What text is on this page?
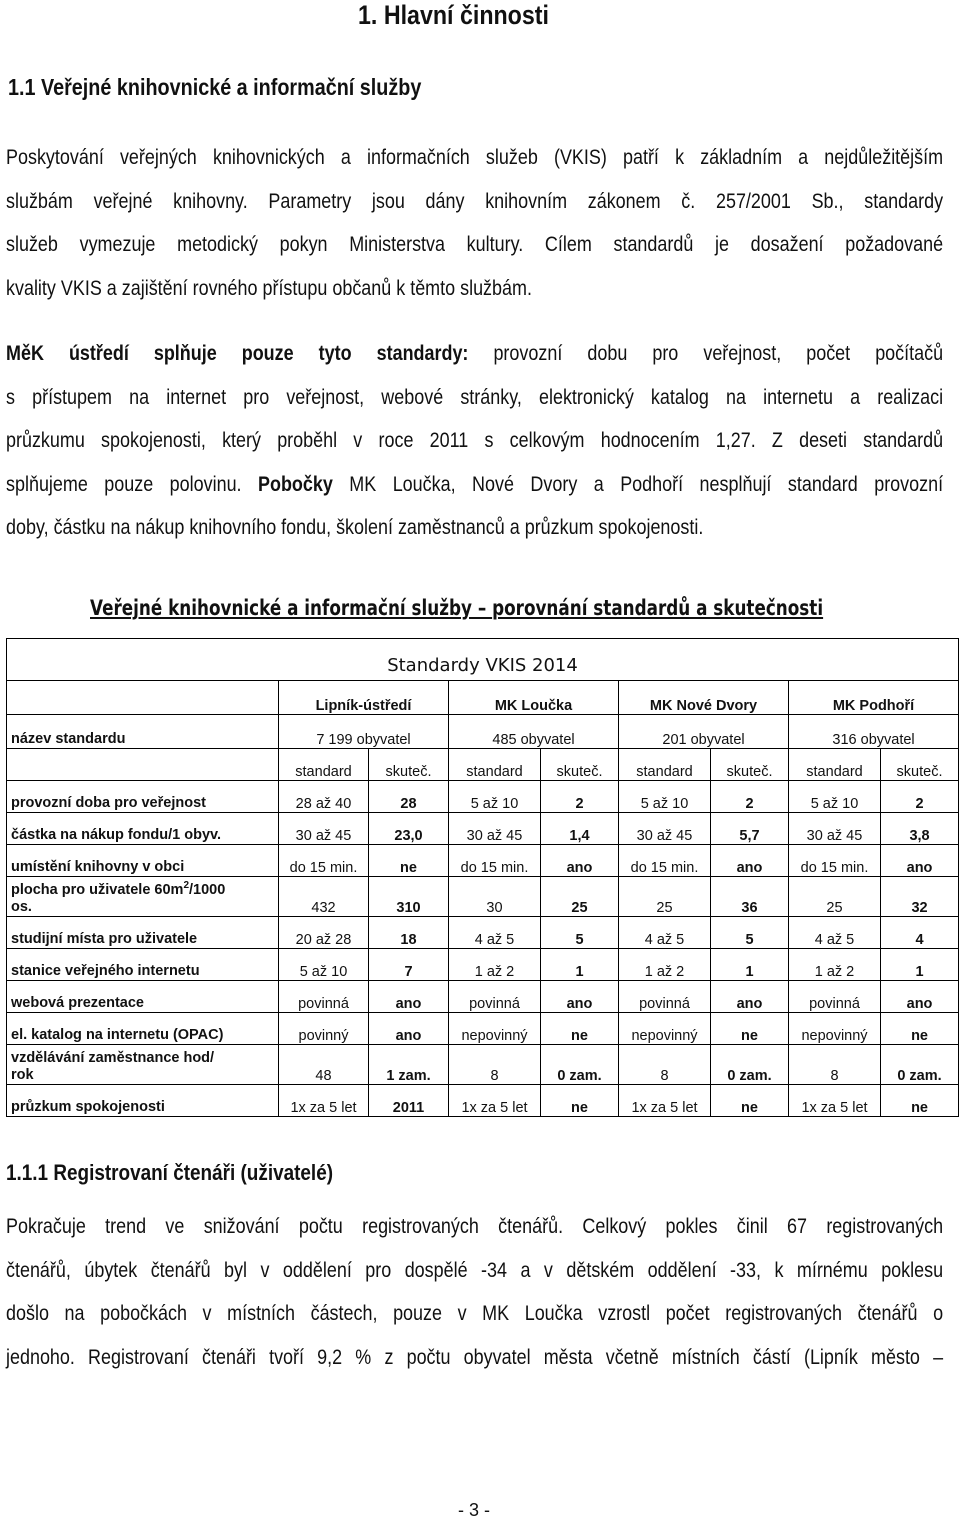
1. Hlavní činnosti
1.1 Veřejné knihovnické a informační služby
Poskytování veřejných knihovnických a informačních služeb (VKIS) patří k základním a nejdůležitějším
službám veřejné knihovny. Parametry jsou dány knihovním zákonem č. 257/2001 Sb., standardy
služeb vymezuje metodický pokyn Ministerstva kultury. Cílem standardů je dosažení požadované
kvality VKIS a zajištění rovného přístupu občanů k těmto službám.
MěK ústředí splňuje pouze tyto standardy: provozní dobu pro veřejnost, počet počítačů
s přístupem na internet pro veřejnost, webové stránky, elektronický katalog na internetu a realizaci
průzkumu spokojenosti, který proběhl v roce 2011 s celkovým hodnocením 1,27. Z deseti standardů
splňujeme pouze polovinu. Pobočky MK Loučka, Nové Dvory a Podhoří nesplňují standard provozní
doby, částku na nákup knihovního fondu, školení zaměstnanců a průzkum spokojenosti.
Veřejné knihovnické a informační služby – porovnání standardů a skutečnosti
Standardy VKIS 2014								
	Lipník-ústředí		MK Loučka		MK Nové Dvory		MK Podhoří	
název standardu	7 199 obyvatel		485 obyvatel		201 obyvatel		316 obyvatel	
	standard	skuteč.	standard	skuteč.	standard	skuteč.	standard	skuteč.
provozní doba pro veřejnost	28 až 40	28	5 až 10	2	5 až 10	2	5 až 10	2
částka na nákup fondu/1 obyv.	30 až 45	23,0	30 až 45	1,4	30 až 45	5,7	30 až 45	3,8
umístění knihovny v obci	do 15 min.	ne	do 15 min.	ano	do 15 min.	ano	do 15 min.	ano
plocha pro uživatele $60m^2/1000$
os.	432	310	30	25	25	36	25	32
studijní místa pro uživatele	20 až 28	18	4 až 5	5	4 až 5	5	4 až 5	4
stanice veřejného internetu	5 až 10	7	1 až 2	1	1 až 2	1	1 až 2	1
webová prezentace	povinná	ano	povinná	ano	povinná	ano	povinná	ano
el. katalog na internetu (OPAC)	povinný	ano	nepovinný	ne	nepovinný	ne	nepovinný	ne
vzdělávání zaměstnance hod/
rok	48	1 zam.	8	0 zam.	8	0 zam.	8	0 zam.
průzkum spokojenosti	1x za 5 let	2011	1x za 5 let	ne	1x za 5 let	ne	1x za 5 let	ne
1.1.1 Registrovaní čtenáři (uživatelé)
Pokračuje trend ve snižování počtu registrovaných čtenářů. Celkový pokles činil 67 registrovaných
čtenářů, úbytek čtenářů byl v oddělení pro dospělé -34 a v dětském oddělení -33, k mírnému poklesu
došlo na pobočkách v místních částech, pouze v MK Loučka vzrostl počet registrovaných čtenářů o
jednoho. Registrovaní čtenáři tvoří 9,2 % z počtu obyvatel města včetně místních částí (Lipník město –
- 3 -
